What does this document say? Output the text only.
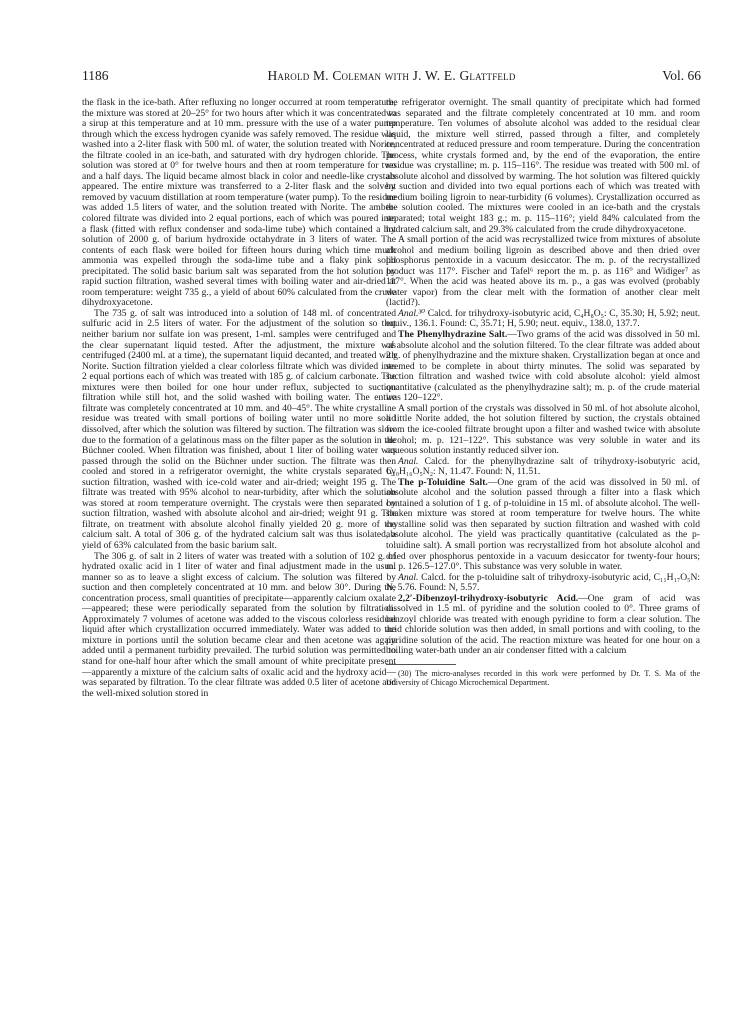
1186	Harold M. Coleman with J. W. E. Glattfeld	Vol. 66

the flask in the ice-bath. After refluxing no longer occurred at room temperature, the mixture was stored at 20–25° for two hours after which it was concentrated to a sirup at this temperature and at 10 mm. pressure with the use of a water pump through which the excess hydrogen cyanide was safely removed. The residue was washed into a 2-liter flask with 500 ml. of water, the solution treated with Norite, the filtrate cooled in an ice-bath, and saturated with dry hydrogen chloride. The solution was stored at 0° for twelve hours and then at room temperature for two and a half days. The liquid became almost black in color and needle-like crystals appeared. The entire mixture was transferred to a 2-liter flask and the solvent removed by vacuum distillation at room temperature (water pump). To the residue was added 1.5 liters of water, and the solution treated with Norite. The amber-colored filtrate was divided into 2 equal portions, each of which was poured into a flask (fitted with reflux condenser and soda-lime tube) which contained a hot solution of 2000 g. of barium hydroxide octahydrate in 3 liters of water. The contents of each flask were boiled for fifteen hours during which time much ammonia was expelled through the soda-lime tube and a flaky pink solid precipitated. The solid basic barium salt was separated from the hot solution by rapid suction filtration, washed several times with boiling water and air-dried at room temperature: weight 735 g., a yield of about 60% calculated from the crude dihydroxyacetone.

The 735 g. of salt was introduced into a solution of 148 ml. of concentrated sulfuric acid in 2.5 liters of water. For the adjustment of the solution so that neither barium nor sulfate ion was present, 1-ml. samples were centrifuged and the clear supernatant liquid tested. After the adjustment, the mixture was centrifuged (2400 ml. at a time), the supernatant liquid decanted, and treated with Norite. Suction filtration yielded a clear colorless filtrate which was divided into 2 equal portions each of which was treated with 185 g. of calcium carbonate. The mixtures were then boiled for one hour under reflux, subjected to suction filtration while still hot, and the solid washed with boiling water. The entire filtrate was completely concentrated at 10 mm. and 40–45°. The white crystalline residue was treated with small portions of boiling water until no more solid dissolved, after which the solution was filtered by suction. The filtration was slow due to the formation of a gelatinous mass on the filter paper as the solution in the Büchner cooled. When filtration was finished, about 1 liter of boiling water was passed through the solid on the Büchner under suction. The filtrate was then cooled and stored in a refrigerator overnight, the white crystals separated by suction filtration, washed with ice-cold water and air-dried; weight 195 g. The filtrate was treated with 95% alcohol to near-turbidity, after which the solution was stored at room temperature overnight. The crystals were then separated by suction filtration, washed with absolute alcohol and air-dried; weight 91 g. The filtrate, on treatment with absolute alcohol finally yielded 20 g. more of the calcium salt. A total of 306 g. of the hydrated calcium salt was thus isolated, a yield of 63% calculated from the basic barium salt.

The 306 g. of salt in 2 liters of water was treated with a solution of 102 g. of hydrated oxalic acid in 1 liter of water and final adjustment made in the usual manner so as to leave a slight excess of calcium. The solution was filtered by suction and then completely concentrated at 10 mm. and below 30°. During the concentration process, small quantities of precipitate—apparently calcium oxalate—appeared; these were periodically separated from the solution by filtration. Approximately 7 volumes of acetone was added to the viscous colorless residual liquid after which crystallization occurred immediately. Water was added to the mixture in portions until the solution became clear and then acetone was again added until a permanent turbidity prevailed. The turbid solution was permitted to stand for one-half hour after which the small amount of white precipitate present—apparently a mixture of the calcium salts of oxalic acid and the hydroxy acid—was separated by filtration. To the clear filtrate was added 0.5 liter of acetone and the well-mixed solution stored in

the refrigerator overnight. The small quantity of precipitate which had formed was separated and the filtrate completely concentrated at 10 mm. and room temperature. Ten volumes of absolute alcohol was added to the residual clear liquid, the mixture well stirred, passed through a filter, and completely concentrated at reduced pressure and room temperature. During the concentration process, white crystals formed and, by the end of the evaporation, the entire residue was crystalline; m. p. 115–116°. The residue was treated with 500 ml. of absolute alcohol and dissolved by warming. The hot solution was filtered quickly by suction and divided into two equal portions each of which was treated with medium boiling ligroin to near-turbidity (6 volumes). Crystallization occurred as the solution cooled. The mixtures were cooled in an ice-bath and the crystals separated; total weight 183 g.; m. p. 115–116°; yield 84% calculated from the hydrated calcium salt, and 29.3% calculated from the crude dihydroxyacetone.

A small portion of the acid was recrystallized twice from mixtures of absolute alcohol and medium boiling ligroin as described above and then dried over phosphorus pentoxide in a vacuum desiccator. The m. p. of the recrystallized product was 117°. Fischer and Tafel⁶ report the m. p. as 116° and Widiger⁷ as 117°. When the acid was heated above its m. p., a gas was evolved (probably water vapor) from the clear melt with the formation of another clear melt (lactid?).

Anal.³⁰ Calcd. for trihydroxy-isobutyric acid, C₄H₈O₅: C, 35.30; H, 5.92; neut. equiv., 136.1. Found: C, 35.71; H, 5.90; neut. equiv., 138.0, 137.7.

The Phenylhydrazine Salt.—Two grams of the acid was dissolved in 50 ml. of absolute alcohol and the solution filtered. To the clear filtrate was added about 2 g. of phenylhydrazine and the mixture shaken. Crystallization began at once and seemed to be complete in about thirty minutes. The solid was separated by suction filtration and washed twice with cold absolute alcohol: yield almost quantitative (calculated as the phenylhydrazine salt); m. p. of the crude material was 120–122°.

A small portion of the crystals was dissolved in 50 ml. of hot absolute alcohol, a little Norite added, the hot solution filtered by suction, the crystals obtained from the ice-cooled filtrate brought upon a filter and washed twice with absolute alcohol; m. p. 121–122°. This substance was very soluble in water and its aqueous solution instantly reduced silver ion.

Anal. Calcd. for the phenylhydrazine salt of trihydroxy-isobutyric acid, C₁₀H₁₆O₅N₂: N, 11.47. Found: N, 11.51.

The p-Toluidine Salt.—One gram of the acid was dissolved in 50 ml. of absolute alcohol and the solution passed through a filter into a flask which contained a solution of 1 g. of p-toluidine in 15 ml. of absolute alcohol. The well-shaken mixture was stored at room temperature for twelve hours. The white crystalline solid was then separated by suction filtration and washed with cold absolute alcohol. The yield was practically quantitative (calculated as the p-toluidine salt). A small portion was recrystallized from hot absolute alcohol and dried over phosphorus pentoxide in a vacuum desiccator for twenty-four hours; m. p. 126.5–127.0°. This substance was very soluble in water.

Anal. Calcd. for the p-toluidine salt of trihydroxy-isobutyric acid, C₁₁H₁₇O₅N: N, 5.76. Found: N, 5.57.

2,2′-Dibenzoyl-trihydroxy-isobutyric Acid.—One gram of acid was dissolved in 1.5 ml. of pyridine and the solution cooled to 0°. Three grams of benzoyl chloride was treated with enough pyridine to form a clear solution. The acid chloride solution was then added, in small portions and with cooling, to the pyridine solution of the acid. The reaction mixture was heated for one hour on a boiling water-bath under an air condenser fitted with a calcium

(30) The micro-analyses recorded in this work were performed by Dr. T. S. Ma of the University of Chicago Microchemical Department.
